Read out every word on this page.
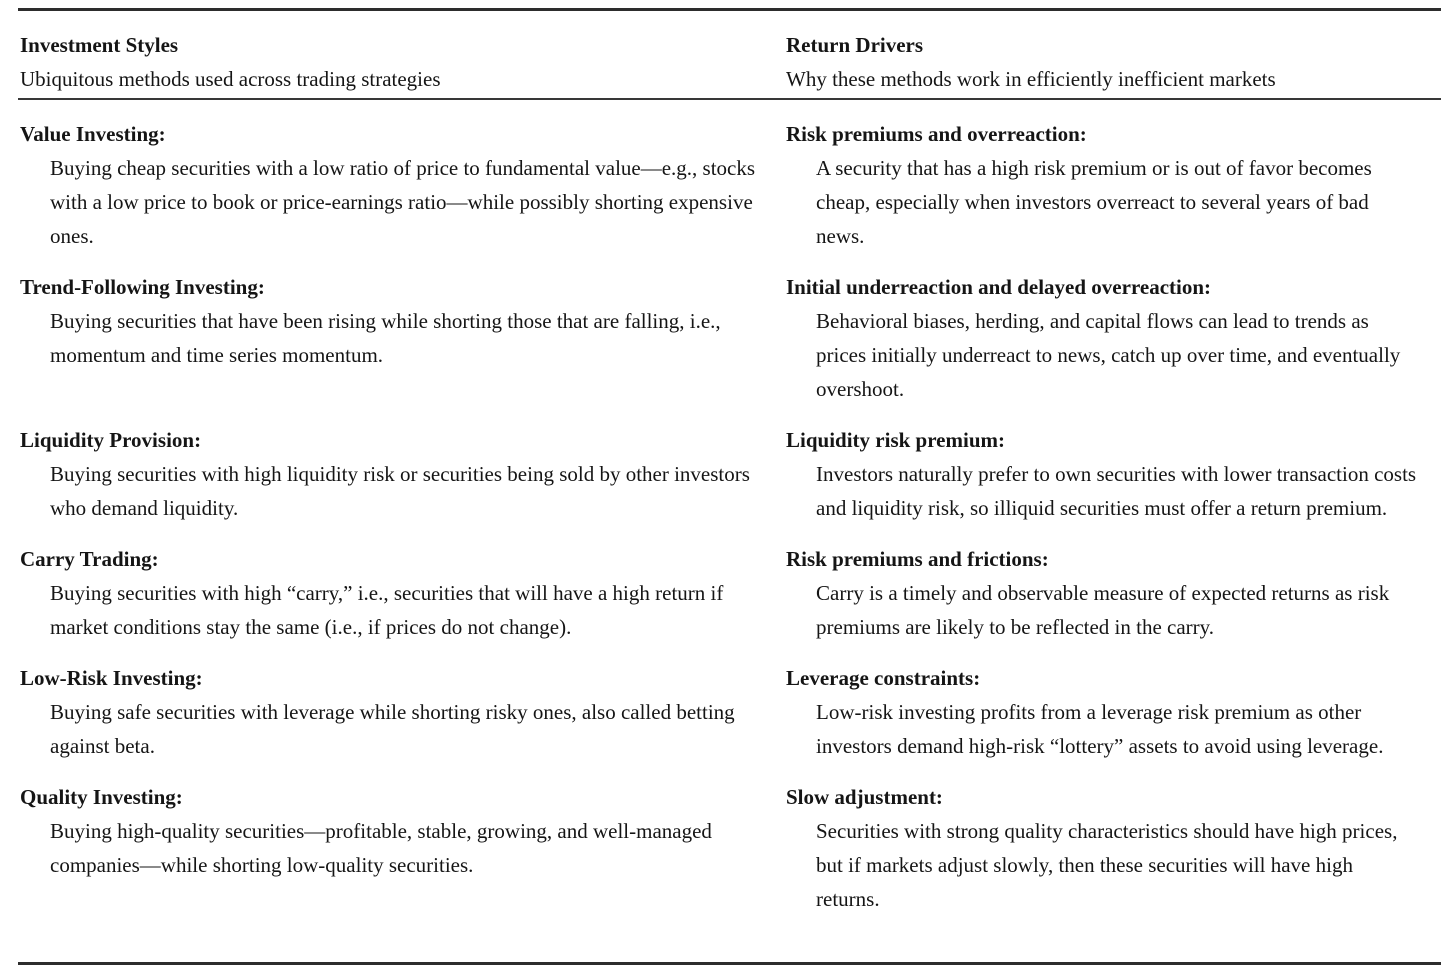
Investment Styles
Ubiquitous methods used across trading strategies
Return Drivers
Why these methods work in efficiently inefficient markets
Value Investing:
Buying cheap securities with a low ratio of price to fundamental value—e.g., stocks with a low price to book or price-earnings ratio—while possibly shorting expensive ones.
Risk premiums and overreaction:
A security that has a high risk premium or is out of favor becomes cheap, especially when investors overreact to several years of bad news.
Trend-Following Investing:
Buying securities that have been rising while shorting those that are falling, i.e., momentum and time series momentum.
Initial underreaction and delayed overreaction:
Behavioral biases, herding, and capital flows can lead to trends as prices initially underreact to news, catch up over time, and eventually overshoot.
Liquidity Provision:
Buying securities with high liquidity risk or securities being sold by other investors who demand liquidity.
Liquidity risk premium:
Investors naturally prefer to own securities with lower transaction costs and liquidity risk, so illiquid securities must offer a return premium.
Carry Trading:
Buying securities with high “carry,” i.e., securities that will have a high return if market conditions stay the same (i.e., if prices do not change).
Risk premiums and frictions:
Carry is a timely and observable measure of expected returns as risk premiums are likely to be reflected in the carry.
Low-Risk Investing:
Buying safe securities with leverage while shorting risky ones, also called betting against beta.
Leverage constraints:
Low-risk investing profits from a leverage risk premium as other investors demand high-risk “lottery” assets to avoid using leverage.
Quality Investing:
Buying high-quality securities—profitable, stable, growing, and well-managed companies—while shorting low-quality securities.
Slow adjustment:
Securities with strong quality characteristics should have high prices, but if markets adjust slowly, then these securities will have high returns.
